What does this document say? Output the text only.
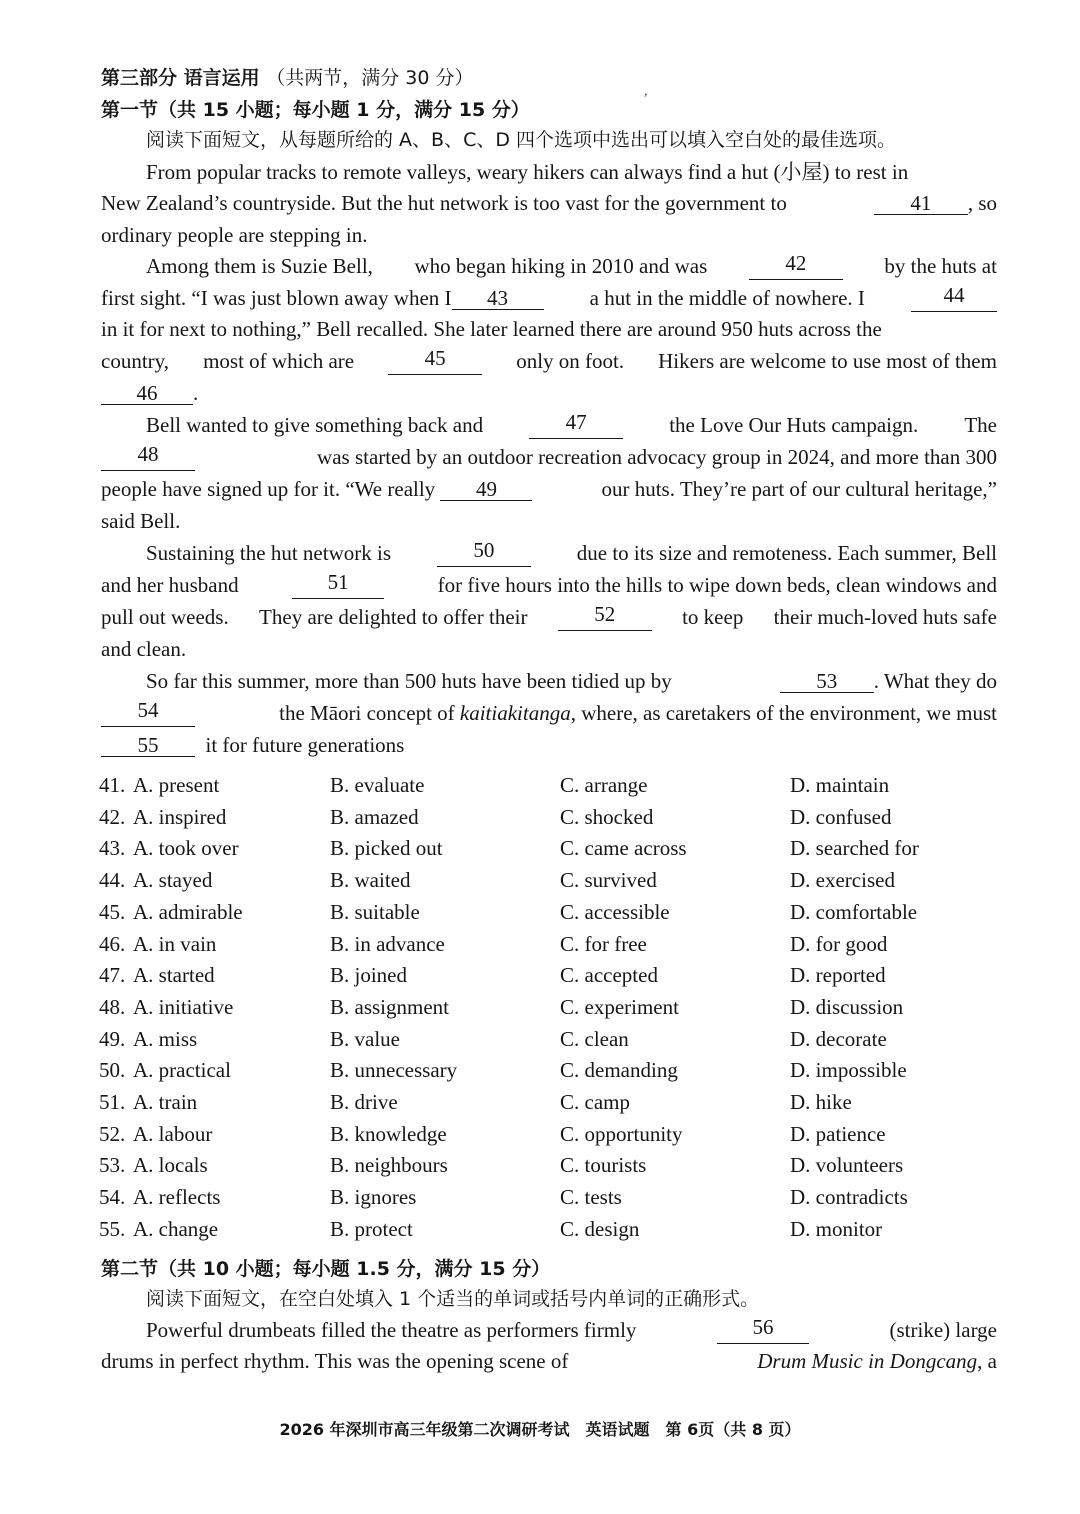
第三部分 语言运用 （共两节，满分 30 分）
,
第一节（共 15 小题；每小题 1 分，满分 15 分）
阅读下面短文，从每题所给的 A、B、C、D 四个选项中选出可以填入空白处的最佳选项。
From popular tracks to remote valleys, weary hikers can always find a hut (小屋) to rest in
New Zealand’s countryside. But the hut network is too vast for the government to	41 , so
ordinary people are stepping in.
Among them is Suzie Bell, who began hiking in 2010 and was	42	by the huts at
first sight. “I was just blown away when I 43	a hut in the middle of nowhere. I	44
in it for next to nothing,” Bell recalled. She later learned there are around 950 huts across the
country, most of which are	45	only on foot. Hikers are welcome to use most of them
46 .
Bell wanted to give something back and	47	the Love Our Huts campaign. The
48	was started by an outdoor recreation advocacy group in 2024, and more than 300
people have signed up for it. “We really 49	our huts. They’re part of our cultural heritage,”
said Bell.
Sustaining the hut network is	50	due to its size and remoteness. Each summer, Bell
and her husband	51	for five hours into the hills to wipe down beds, clean windows and
pull out weeds. They are delighted to offer their	52	to keep their much-loved huts safe
and clean.
So far this summer, more than 500 huts have been tidied up by	53 . What they do
54	the Māori concept of kaitiakitanga, where, as caretakers of the environment, we must
55 it for future generations
41. A. present	B. evaluate	C. arrange	D. maintain
42. A. inspired	B. amazed	C. shocked	D. confused
43. A. took over	B. picked out	C. came across	D. searched for
44. A. stayed	B. waited	C. survived	D. exercised
45. A. admirable	B. suitable	C. accessible	D. comfortable
46. A. in vain	B. in advance	C. for free	D. for good
47. A. started	B. joined	C. accepted	D. reported
48. A. initiative	B. assignment	C. experiment	D. discussion
49. A. miss	B. value	C. clean	D. decorate
50. A. practical	B. unnecessary	C. demanding	D. impossible
51. A. train	B. drive	C. camp	D. hike
52. A. labour	B. knowledge	C. opportunity	D. patience
53. A. locals	B. neighbours	C. tourists	D. volunteers
54. A. reflects	B. ignores	C. tests	D. contradicts
55. A. change	B. protect	C. design	D. monitor
第二节（共 10 小题；每小题 1.5 分，满分 15 分）
阅读下面短文，在空白处填入 1 个适当的单词或括号内单词的正确形式。
Powerful drumbeats filled the theatre as performers firmly	56	(strike) large
drums in perfect rhythm. This was the opening scene of	Drum Music in Dongcang, a
2026 年深圳市高三年级第二次调研考试　英语试题　第 6页（共 8 页）
